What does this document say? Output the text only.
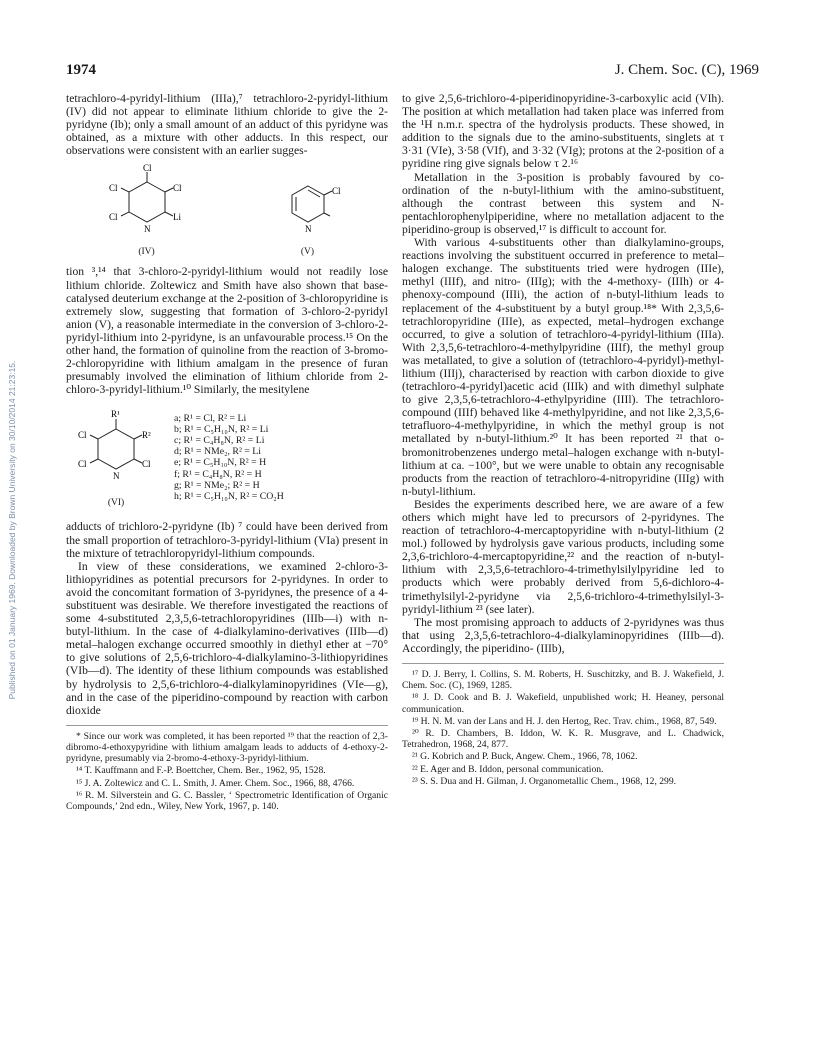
Published on 01 January 1969. Downloaded by Brown University on 30/10/2014 21:23:15.
1974	J. Chem. Soc. (C), 1969

tetrachloro-4-pyridyl-lithium (IIIa),⁷ tetrachloro-2-pyridyl-lithium (IV) did not appear to eliminate lithium chloride to give the 2-pyridyne (Ib); only a small amount of an adduct of this pyridyne was obtained, as a mixture with other adducts. In this respect, our observations were consistent with an earlier sugges-

Cl
Cl	Cl
Cl
N
Li
(IV)
Cl
N
(V)

tion ³,¹⁴ that 3-chloro-2-pyridyl-lithium would not readily lose lithium chloride. Zoltewicz and Smith have also shown that base-catalysed deuterium exchange at the 2-position of 3-chloropyridine is extremely slow, suggesting that formation of 3-chloro-2-pyridyl anion (V), a reasonable intermediate in the conversion of 3-chloro-2-pyridyl-lithium into 2-pyridyne, is an unfavourable process.¹⁵ On the other hand, the formation of quinoline from the reaction of 3-bromo-2-chloropyridine with lithium amalgam in the presence of furan presumably involved the elimination of lithium chloride from 2-chloro-3-pyridyl-lithium.¹⁰ Similarly, the mesitylene

Cl
Cl	Cl
N
R¹
R²
(VI)
a; R¹ = Cl, R² = Li
b; R¹ = C₅H₁₀N, R² = Li
c; R¹ = C₄H₈N, R² = Li
d; R¹ = NMe₂, R² = Li
e; R¹ = C₅H₁₀N, R² = H
f; R¹ = C₄H₈N, R² = H
g; R¹ = NMe₂; R² = H
h; R¹ = C₅H₁₀N, R² = CO₂H

adducts of trichloro-2-pyridyne (Ib) ⁷ could have been derived from the small proportion of tetrachloro-3-pyridyl-lithium (VIa) present in the mixture of tetrachloropyridyl-lithium compounds.

In view of these considerations, we examined 2-chloro-3-lithiopyridines as potential precursors for 2-pyridynes. In order to avoid the concomitant formation of 3-pyridynes, the presence of a 4-substituent was desirable. We therefore investigated the reactions of some 4-substituted 2,3,5,6-tetrachloropyridines (IIIb—i) with n-butyl-lithium. In the case of 4-dialkylamino-derivatives (IIIb—d) metal–halogen exchange occurred smoothly in diethyl ether at −70° to give solutions of 2,5,6-trichloro-4-dialkylamino-3-lithiopyridines (VIb—d). The identity of these lithium compounds was established by hydrolysis to 2,5,6-trichloro-4-dialkylaminopyridines (VIe—g), and in the case of the piperidino-compound by reaction with carbon dioxide

* Since our work was completed, it has been reported ¹⁹ that the reaction of 2,3-dibromo-4-ethoxypyridine with lithium amalgam leads to adducts of 4-ethoxy-2-pyridyne, presumably via 2-bromo-4-ethoxy-3-pyridyl-lithium.
¹⁴ T. Kauffmann and F.-P. Boettcher, Chem. Ber., 1962, 95, 1528.
¹⁵ J. A. Zoltewicz and C. L. Smith, J. Amer. Chem. Soc., 1966, 88, 4766.
¹⁶ R. M. Silverstein and G. C. Bassler, ‘ Spectrometric Identification of Organic Compounds,’ 2nd edn., Wiley, New York, 1967, p. 140.

to give 2,5,6-trichloro-4-piperidinopyridine-3-carboxylic acid (VIh). The position at which metallation had taken place was inferred from the ¹H n.m.r. spectra of the hydrolysis products. These showed, in addition to the signals due to the amino-substituents, singlets at τ 3·31 (VIe), 3·58 (VIf), and 3·32 (VIg); protons at the 2-position of a pyridine ring give signals below τ 2.¹⁶

Metallation in the 3-position is probably favoured by co-ordination of the n-butyl-lithium with the amino-substituent, although the contrast between this system and N-pentachlorophenylpiperidine, where no metallation adjacent to the piperidino-group is observed,¹⁷ is difficult to account for.

With various 4-substituents other than dialkylamino-groups, reactions involving the substituent occurred in preference to metal–halogen exchange. The substituents tried were hydrogen (IIIe), methyl (IIIf), and nitro- (IIIg); with the 4-methoxy- (IIIh) or 4-phenoxy-compound (IIIi), the action of n-butyl-lithium leads to replacement of the 4-substituent by a butyl group.¹⁸* With 2,3,5,6-tetrachloropyridine (IIIe), as expected, metal–hydrogen exchange occurred, to give a solution of tetrachloro-4-pyridyl-lithium (IIIa). With 2,3,5,6-tetrachloro-4-methylpyridine (IIIf), the methyl group was metallated, to give a solution of (tetrachloro-4-pyridyl)-methyl-lithium (IIIj), characterised by reaction with carbon dioxide to give (tetrachloro-4-pyridyl)acetic acid (IIIk) and with dimethyl sulphate to give 2,3,5,6-tetrachloro-4-ethylpyridine (IIIl). The tetrachloro-compound (IIIf) behaved like 4-methylpyridine, and not like 2,3,5,6-tetrafluoro-4-methylpyridine, in which the methyl group is not metallated by n-butyl-lithium.²⁰ It has been reported ²¹ that o-bromonitrobenzenes undergo metal–halogen exchange with n-butyl-lithium at ca. −100°, but we were unable to obtain any recognisable products from the reaction of tetrachloro-4-nitropyridine (IIIg) with n-butyl-lithium.

Besides the experiments described here, we are aware of a few others which might have led to precursors of 2-pyridynes. The reaction of tetrachloro-4-mercaptopyridine with n-butyl-lithium (2 mol.) followed by hydrolysis gave various products, including some 2,3,6-trichloro-4-mercaptopyridine,²² and the reaction of n-butyl-lithium with 2,3,5,6-tetrachloro-4-trimethylsilylpyridine led to products which were probably derived from 5,6-dichloro-4-trimethylsilyl-2-pyridyne via 2,5,6-trichloro-4-trimethylsilyl-3-pyridyl-lithium ²³ (see later).

The most promising approach to adducts of 2-pyridynes was thus that using 2,3,5,6-tetrachloro-4-dialkylaminopyridines (IIIb—d). Accordingly, the piperidino- (IIIb),

¹⁷ D. J. Berry, I. Collins, S. M. Roberts, H. Suschitzky, and B. J. Wakefield, J. Chem. Soc. (C), 1969, 1285.
¹⁸ J. D. Cook and B. J. Wakefield, unpublished work; H. Heaney, personal communication.
¹⁹ H. N. M. van der Lans and H. J. den Hertog, Rec. Trav. chim., 1968, 87, 549.
²⁰ R. D. Chambers, B. Iddon, W. K. R. Musgrave, and L. Chadwick, Tetrahedron, 1968, 24, 877.
²¹ G. Kobrich and P. Buck, Angew. Chem., 1966, 78, 1062.
²² E. Ager and B. Iddon, personal communication.
²³ S. S. Dua and H. Gilman, J. Organometallic Chem., 1968, 12, 299.
